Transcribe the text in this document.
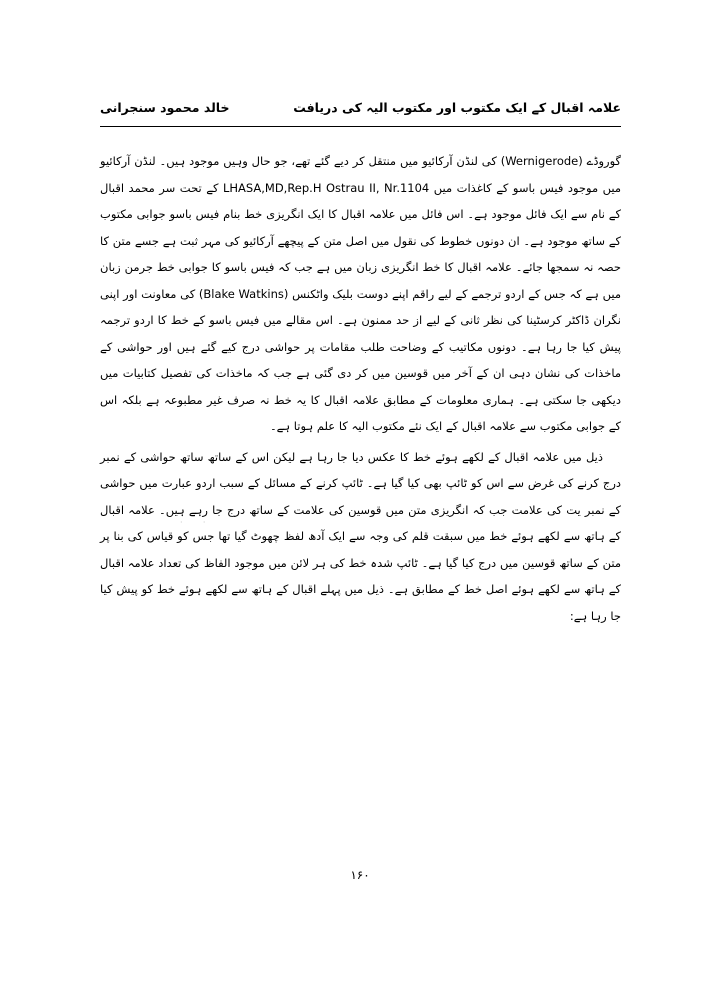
علامہ اقبال کے ایک مکتوب اور مکتوب الیہ کی دریافت
خالد محمود سنجرانی

گوروڈے (Wernigerode) کی لنڈن آرکائیو میں منتقل کر دیے گئے تھے، جو حال وہیں موجود ہیں۔ لنڈن آرکائیو میں موجود فیس باسو کے کاغذات میں LHASA,MD,Rep.H Ostrau II, Nr.1104 کے تحت سر محمد اقبال کے نام سے ایک فائل موجود ہے۔ اس فائل میں علامہ اقبال کا ایک انگریزی خط بنام فیس باسو جوابی مکتوب کے ساتھ موجود ہے۔ ان دونوں خطوط کی نقول میں اصل متن کے پیچھے آرکائیو کی مہر ثبت ہے جسے متن کا حصہ نہ سمجھا جائے۔ علامہ اقبال کا خط انگریزی زبان میں ہے جب کہ فیس باسو کا جوابی خط جرمن زبان میں ہے کہ جس کے اردو ترجمے کے لیے راقم اپنے دوست بلیک واٹکنس (Blake Watkins) کی معاونت اور اپنی نگران ڈاکٹر کرسٹینا کی نظر ثانی کے لیے از حد ممنون ہے۔ اس مقالے میں فیس باسو کے خط کا اردو ترجمہ پیش کیا جا رہا ہے۔ دونوں مکاتیب کے وضاحت طلب مقامات پر حواشی درج کیے گئے ہیں اور حواشی کے ماخذات کی نشان دہی ان کے آخر میں قوسین میں کر دی گئی ہے جب کہ ماخذات کی تفصیل کتابیات میں دیکھی جا سکتی ہے۔ ہماری معلومات کے مطابق علامہ اقبال کا یہ خط نہ صرف غیر مطبوعہ ہے بلکہ اس کے جوابی مکتوب سے علامہ اقبال کے ایک نئے مکتوب الیہ کا علم ہوتا ہے۔

ذیل میں علامہ اقبال کے لکھے ہوئے خط کا عکس دیا جا رہا ہے لیکن اس کے ساتھ ساتھ حواشی کے نمبر درج کرنے کی غرض سے اس کو ٹائپ بھی کیا گیا ہے۔ ٹائپ کرنے کے مسائل کے سبب اردو عبارت میں حواشی کے نمبر یت کی علامت جب کہ انگریزی متن میں قوسین کی علامت کے ساتھ درج جا رہے ہیں۔ علامہ اقبال کے ہاتھ سے لکھے ہوئے خط میں سبقت قلم کی وجہ سے ایک آدھ لفظ چھوٹ گیا تھا جس کو قیاس کی بنا پر متن کے ساتھ قوسین میں درج کیا گیا ہے۔ ٹائپ شدہ خط کی ہر لائن میں موجود الفاظ کی تعداد علامہ اقبال کے ہاتھ سے لکھے ہوئے اصل خط کے مطابق ہے۔ ذیل میں پہلے اقبال کے ہاتھ سے لکھے ہوئے خط کو پیش کیا جا رہا ہے:

·        ·
۱۶۰
